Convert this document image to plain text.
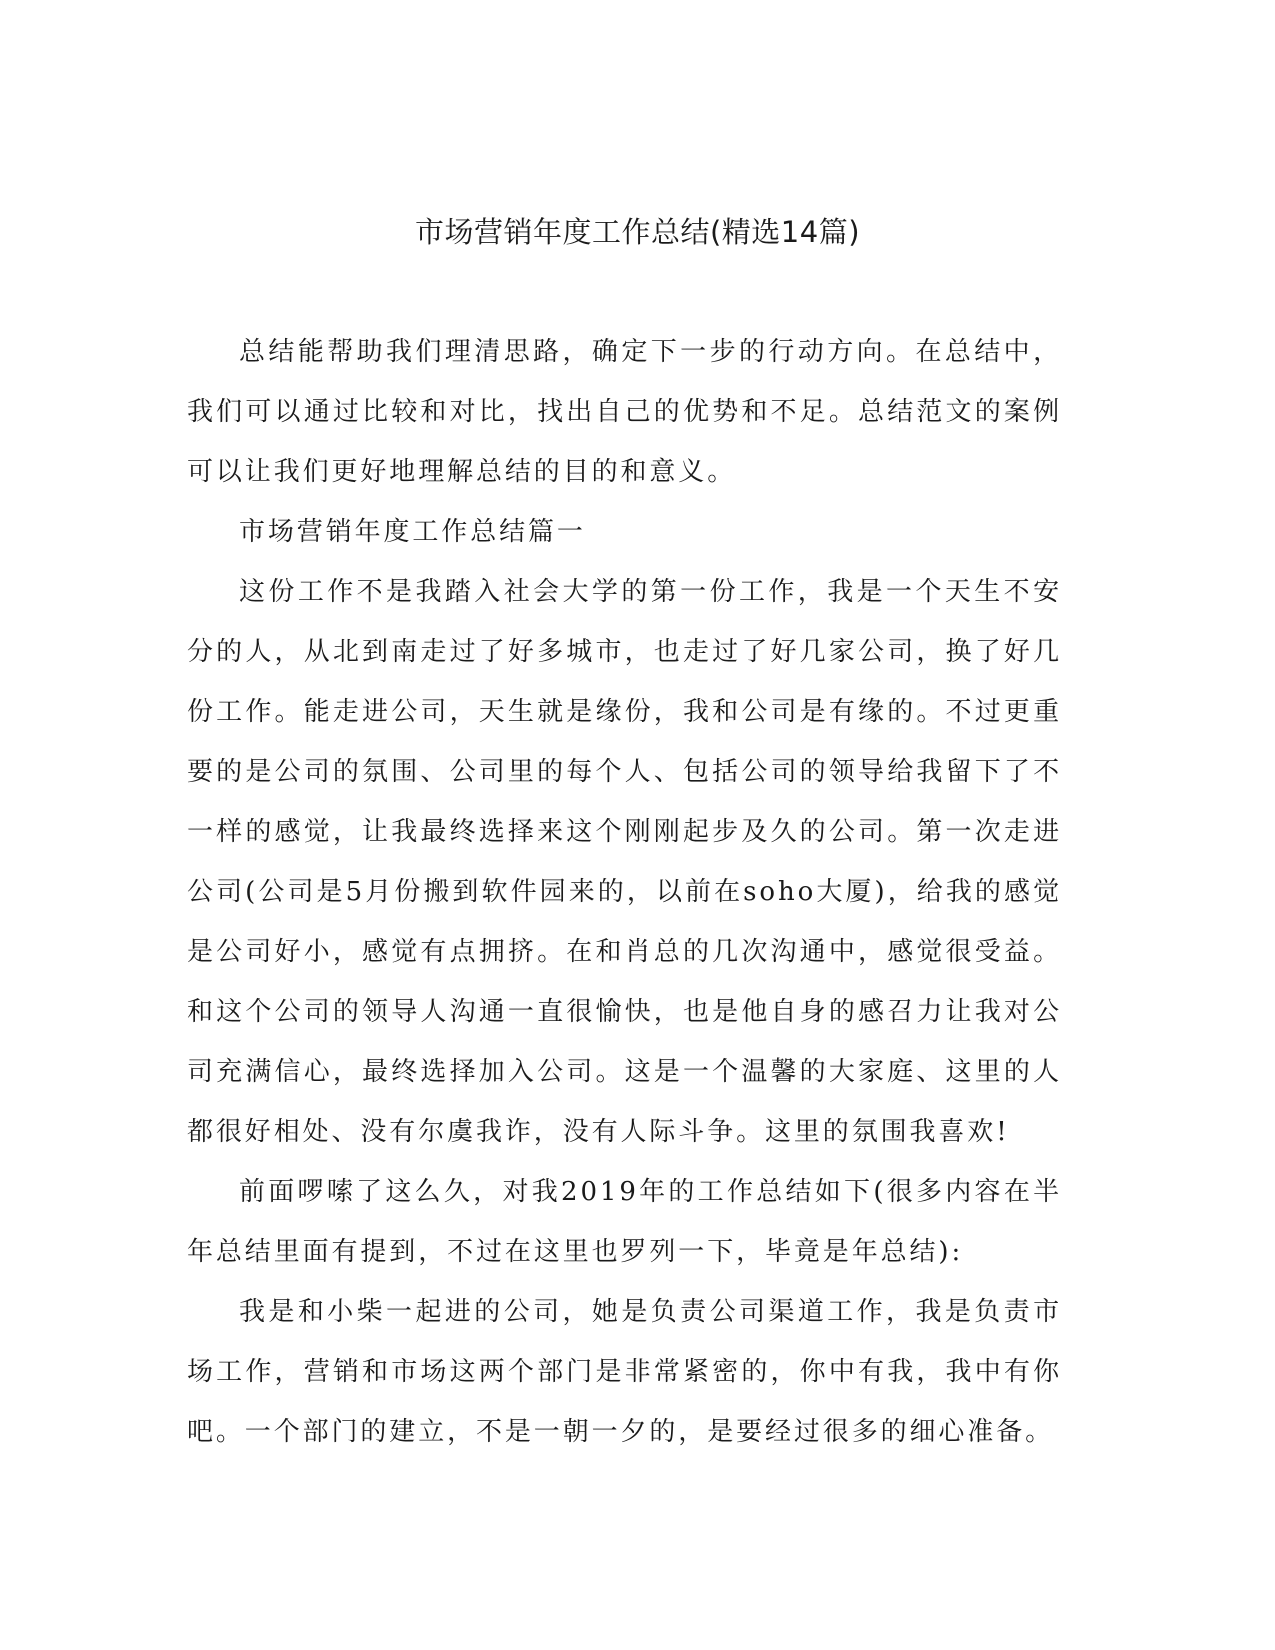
市场营销年度工作总结(精选14篇)

总结能帮助我们理清思路，确定下一步的行动方向。在总结中，我们可以通过比较和对比，找出自己的优势和不足。总结范文的案例可以让我们更好地理解总结的目的和意义。

市场营销年度工作总结篇一

这份工作不是我踏入社会大学的第一份工作，我是一个天生不安分的人，从北到南走过了好多城市，也走过了好几家公司，换了好几份工作。能走进公司，天生就是缘份，我和公司是有缘的。不过更重要的是公司的氛围、公司里的每个人、包括公司的领导给我留下了不一样的感觉，让我最终选择来这个刚刚起步及久的公司。第一次走进公司(公司是5月份搬到软件园来的，以前在soho大厦)，给我的感觉是公司好小，感觉有点拥挤。在和肖总的几次沟通中，感觉很受益。和这个公司的领导人沟通一直很愉快，也是他自身的感召力让我对公司充满信心，最终选择加入公司。这是一个温馨的大家庭、这里的人都很好相处、没有尔虞我诈，没有人际斗争。这里的氛围我喜欢!

前面啰嗦了这么久，对我2019年的工作总结如下(很多内容在半年总结里面有提到，不过在这里也罗列一下，毕竟是年总结):

我是和小柴一起进的公司，她是负责公司渠道工作，我是负责市场工作，营销和市场这两个部门是非常紧密的，你中有我，我中有你吧。一个部门的建立，不是一朝一夕的，是要经过很多的细心准备。
